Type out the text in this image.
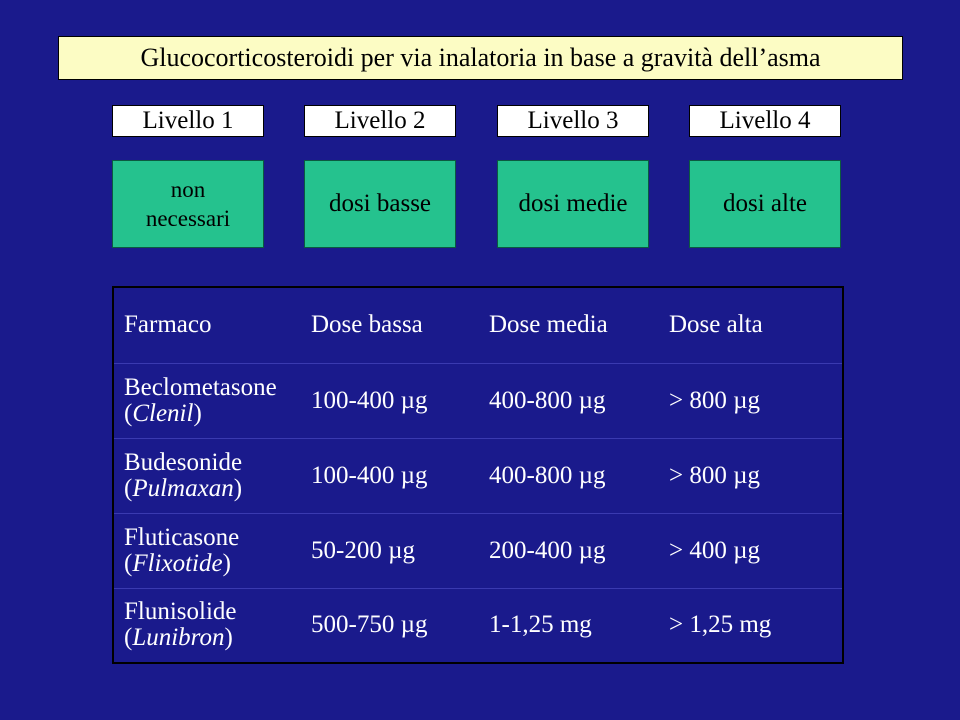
Glucocorticosteroidi per via inalatoria in base a gravità dell’asma
Livello 1	Livello 2	Livello 3	Livello 4
non
necessari
dosi basse	dosi medie	dosi alte
Farmaco	Dose bassa	Dose media	Dose alta
Beclometasone
(Clenil)	100-400 µg	400-800 µg	> 800 µg
Budesonide
(Pulmaxan)	100-400 µg	400-800 µg	> 800 µg
Fluticasone
(Flixotide)	50-200 µg	200-400 µg	> 400 µg
Flunisolide
(Lunibron)	500-750 µg	1-1,25 mg	> 1,25 mg
